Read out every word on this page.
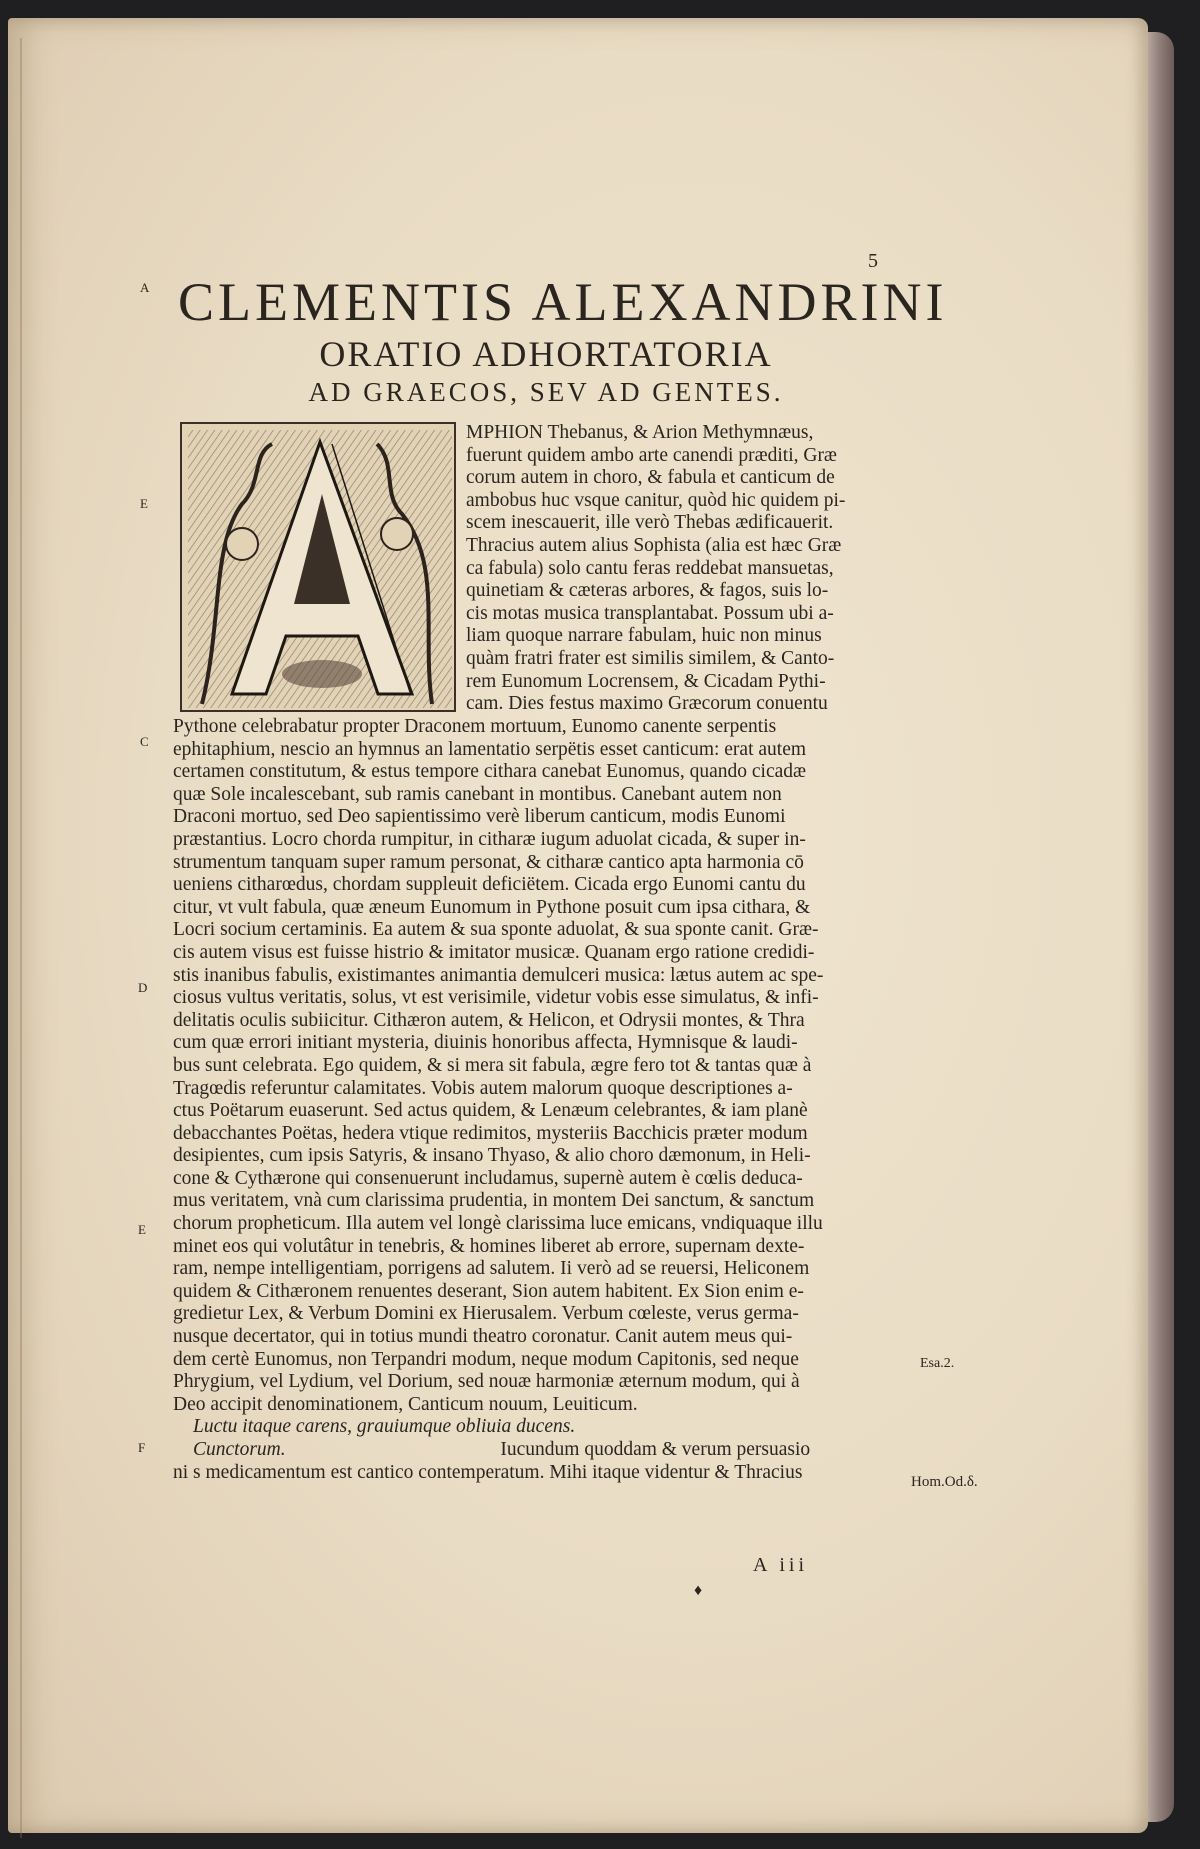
5
A
E
C
D
E
F
Esa.2.
Hom.Od.δ.
CLEMENTIS ALEXANDRINI
ORATIO ADHORTATORIA
AD GRAECOS, SEV AD GENTES.
MPHION Thebanus, & Arion Methymnæus,
fuerunt quidem ambo arte canendi præditi, Græ
corum autem in choro, & fabula et canticum de
ambobus huc vsque canitur, quòd hic quidem pi-
scem inescauerit, ille verò Thebas ædificauerit.
Thracius autem alius Sophista (alia est hæc Græ
ca fabula) solo cantu feras reddebat mansuetas,
quinetiam & cæteras arbores, & fagos, suis lo-
cis motas musica transplantabat. Possum ubi a-
liam quoque narrare fabulam, huic non minus
quàm fratri frater est similis similem, & Canto-
rem Eunomum Locrensem, & Cicadam Pythi-
cam. Dies festus maximo Græcorum conuentu
Pythone celebrabatur propter Draconem mortuum, Eunomo canente serpentis
ephitaphium, nescio an hymnus an lamentatio serpëtis esset canticum: erat autem
certamen constitutum, & estus tempore cithara canebat Eunomus, quando cicadæ
quæ Sole incalescebant, sub ramis canebant in montibus. Canebant autem non
Draconi mortuo, sed Deo sapientissimo verè liberum canticum, modis Eunomi
præstantius. Locro chorda rumpitur, in citharæ iugum aduolat cicada, & super in-
strumentum tanquam super ramum personat, & citharæ cantico apta harmonia cō
ueniens citharœdus, chordam suppleuit deficiëtem. Cicada ergo Eunomi cantu du
citur, vt vult fabula, quæ æneum Eunomum in Pythone posuit cum ipsa cithara, &
Locri socium certaminis. Ea autem & sua sponte aduolat, & sua sponte canit. Græ-
cis autem visus est fuisse histrio & imitator musicæ. Quanam ergo ratione credidi-
stis inanibus fabulis, existimantes animantia demulceri musica: lætus autem ac spe-
ciosus vultus veritatis, solus, vt est verisimile, videtur vobis esse simulatus, & infi-
delitatis oculis subiicitur. Cithæron autem, & Helicon, et Odrysii montes, & Thra
cum quæ errori initiant mysteria, diuinis honoribus affecta, Hymnisque & laudi-
bus sunt celebrata. Ego quidem, & si mera sit fabula, ægre fero tot & tantas quæ à
Tragœdis referuntur calamitates. Vobis autem malorum quoque descriptiones a-
ctus Poëtarum euaserunt. Sed actus quidem, & Lenæum celebrantes, & iam planè
debacchantes Poëtas, hedera vtique redimitos, mysteriis Bacchicis præter modum
desipientes, cum ipsis Satyris, & insano Thyaso, & alio choro dæmonum, in Heli-
cone & Cythærone qui consenuerunt includamus, supernè autem è cœlis deduca-
mus veritatem, vnà cum clarissima prudentia, in montem Dei sanctum, & sanctum
chorum propheticum. Illa autem vel longè clarissima luce emicans, vndiquaque illu
minet eos qui volutâtur in tenebris, & homines liberet ab errore, supernam dexte-
ram, nempe intelligentiam, porrigens ad salutem. Ii verò ad se reuersi, Heliconem
quidem & Cithæronem renuentes deserant, Sion autem habitent. Ex Sion enim e-
gredietur Lex, & Verbum Domini ex Hierusalem. Verbum cœleste, verus germa-
nusque decertator, qui in totius mundi theatro coronatur. Canit autem meus qui-
dem certè Eunomus, non Terpandri modum, neque modum Capitonis, sed neque
Phrygium, vel Lydium, vel Dorium, sed nouæ harmoniæ æternum modum, qui à
Deo accipit denominationem, Canticum nouum, Leuiticum.
Luctu itaque carens, grauiumque obliuia ducens.
Cunctorum.	Iucundum quoddam & verum persuasio
ni s medicamentum est cantico contemperatum. Mihi itaque videntur & Thracius
A iii
♦
